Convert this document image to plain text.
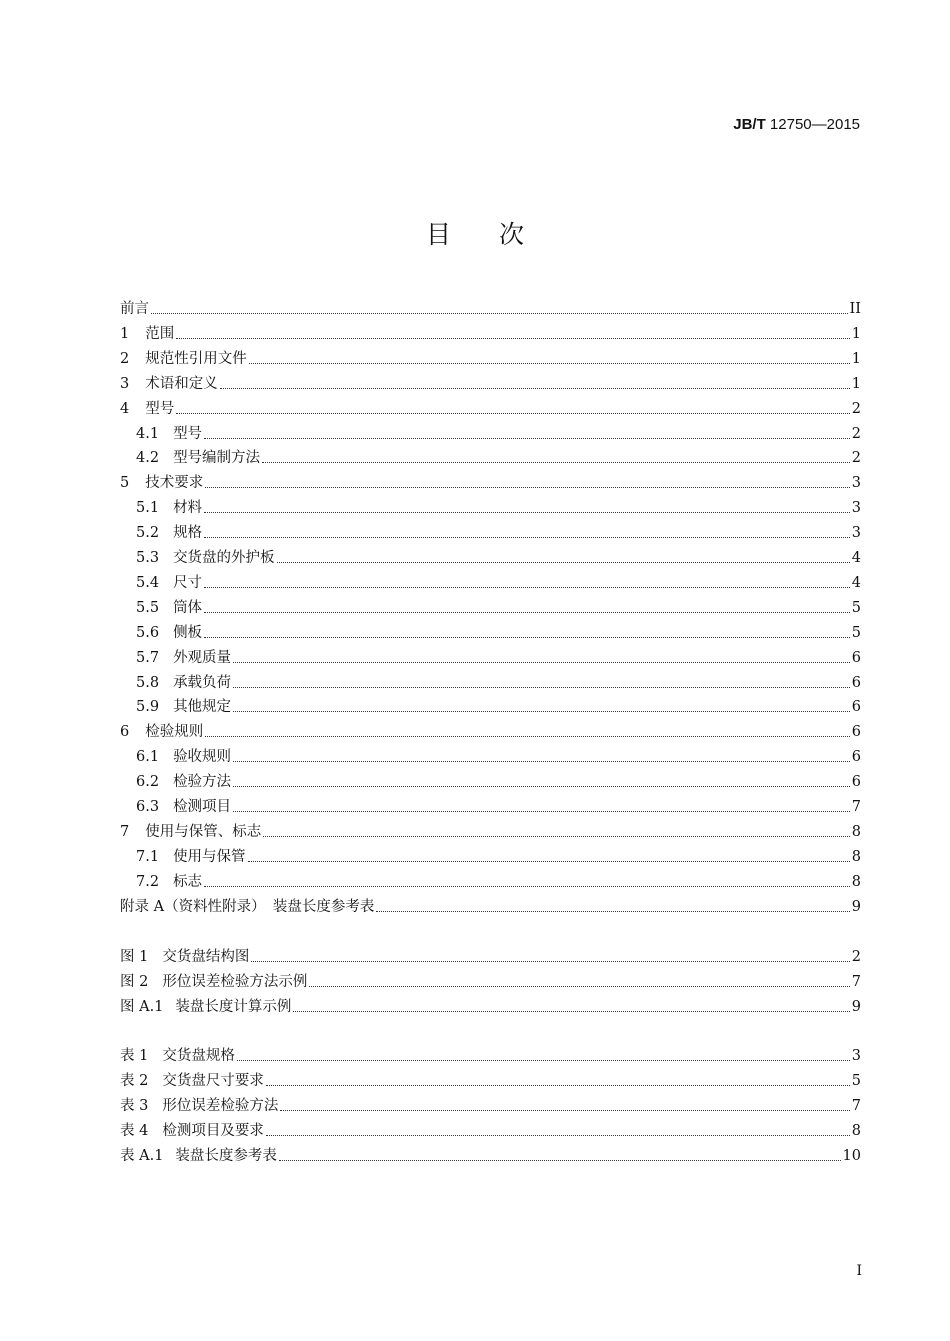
JB/T 12750—2015
目 次
前言	II
1 范围	1
2 规范性引用文件	1
3 术语和定义	1
4 型号	2
4.1 型号	2
4.2 型号编制方法	2
5 技术要求	3
5.1 材料	3
5.2 规格	3
5.3 交货盘的外护板	4
5.4 尺寸	4
5.5 筒体	5
5.6 侧板	5
5.7 外观质量	6
5.8 承载负荷	6
5.9 其他规定	6
6 检验规则	6
6.1 验收规则	6
6.2 检验方法	6
6.3 检测项目	7
7 使用与保管、标志	8
7.1 使用与保管	8
7.2 标志	8
附录 A（资料性附录）　装盘长度参考表	9
图 1 交货盘结构图	2
图 2 形位误差检验方法示例	7
图 A.1 装盘长度计算示例	9
表 1 交货盘规格	3
表 2 交货盘尺寸要求	5
表 3 形位误差检验方法	7
表 4 检测项目及要求	8
表 A.1 装盘长度参考表	10
I
